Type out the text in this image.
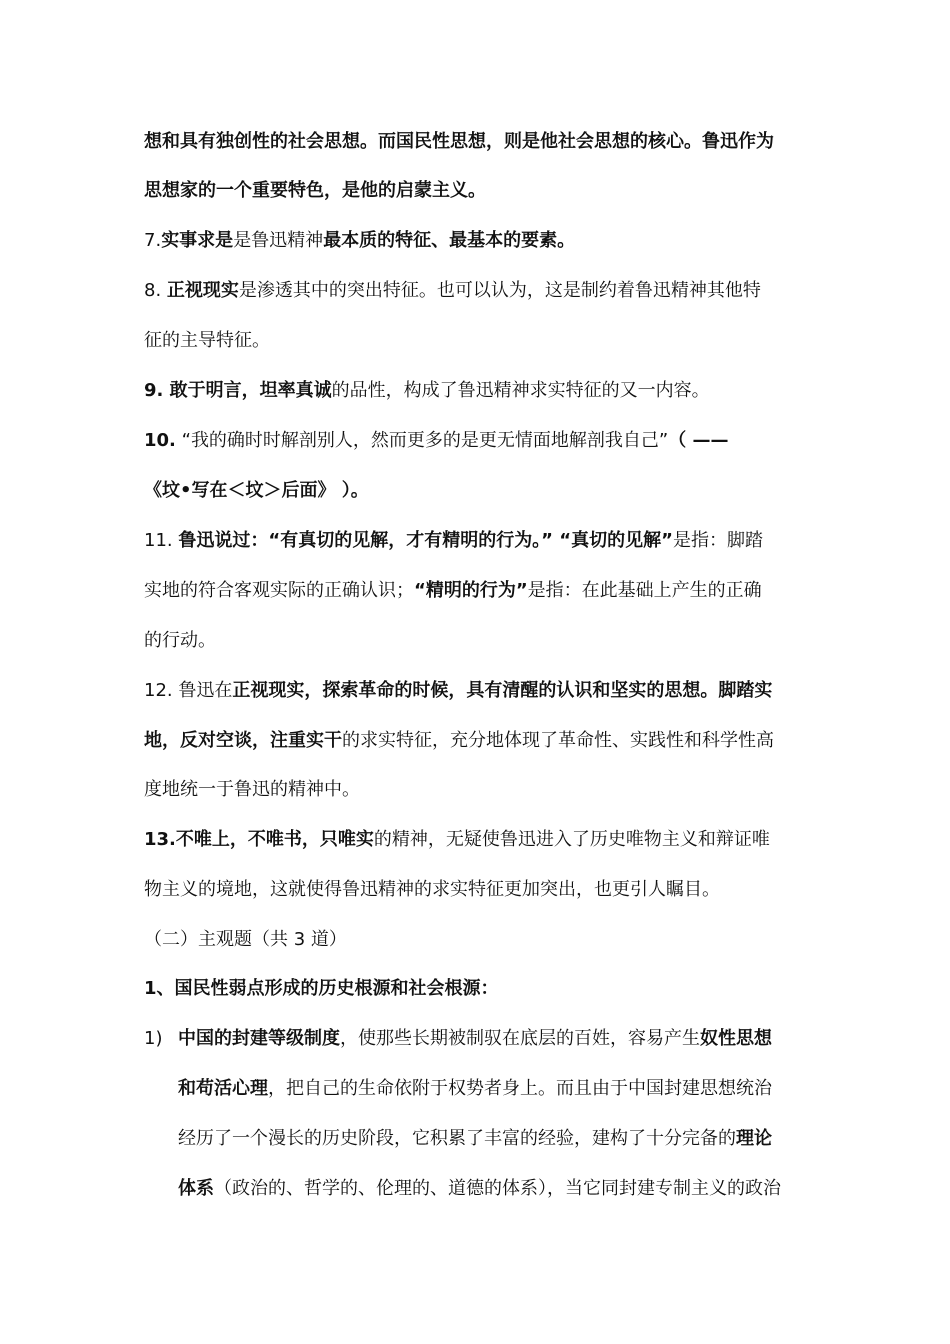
想和具有独创性的社会思想。而国民性思想，则是他社会思想的核心。鲁迅作为
思想家的一个重要特色，是他的启蒙主义。
7.实事求是是鲁迅精神最本质的特征、最基本的要素。
8. 正视现实是渗透其中的突出特征。也可以认为，这是制约着鲁迅精神其他特
征的主导特征。
9. 敢于明言，坦率真诚的品性，构成了鲁迅精神求实特征的又一内容。
10. “我的确时时解剖别人，然而更多的是更无情面地解剖我自己”（ ——
《坟•写在＜坟＞后面》 ）。
11. 鲁迅说过：“有真切的见解，才有精明的行为。” “真切的见解”是指：脚踏
实地的符合客观实际的正确认识；“精明的行为”是指：在此基础上产生的正确
的行动。
12. 鲁迅在正视现实，探索革命的时候，具有清醒的认识和坚实的思想。脚踏实
地，反对空谈，注重实干的求实特征，充分地体现了革命性、实践性和科学性高
度地统一于鲁迅的精神中。
13.不唯上，不唯书，只唯实的精神，无疑使鲁迅进入了历史唯物主义和辩证唯
物主义的境地，这就使得鲁迅精神的求实特征更加突出，也更引人瞩目。
（二）主观题（共 3 道）
1、国民性弱点形成的历史根源和社会根源：
1) 中国的封建等级制度，使那些长期被制驭在底层的百姓，容易产生奴性思想
和苟活心理，把自己的生命依附于权势者身上。而且由于中国封建思想统治
经历了一个漫长的历史阶段，它积累了丰富的经验，建构了十分完备的理论
体系（政治的、哲学的、伦理的、道德的体系），当它同封建专制主义的政治
